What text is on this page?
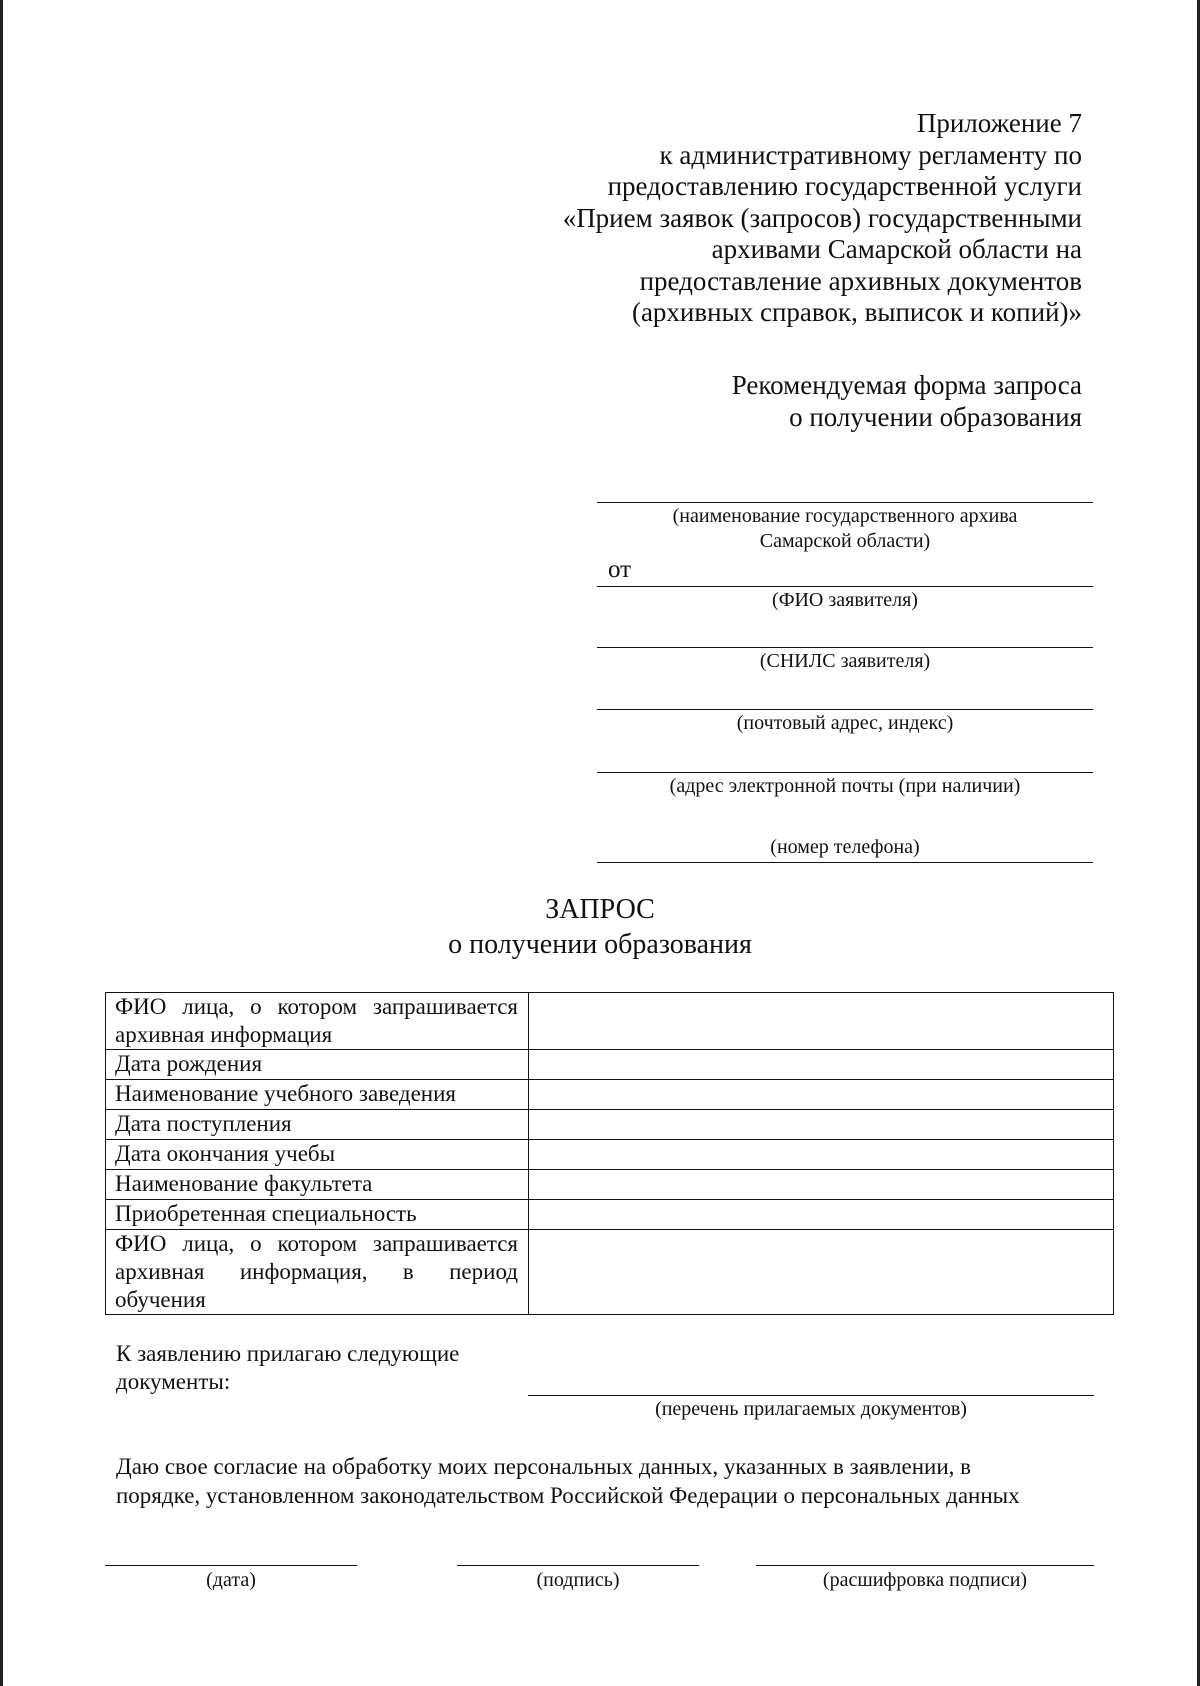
Приложение 7
к административному регламенту по
предоставлению государственной услуги
«Прием заявок (запросов) государственными
архивами Самарской области на
предоставление архивных документов
(архивных справок, выписок и копий)»
Рекомендуемая форма запроса
о получении образования
(наименование государственного архива
Самарской области)
от
(ФИО заявителя)
(СНИЛС заявителя)
(почтовый адрес, индекс)
(адрес электронной почты (при наличии)
(номер телефона)
ЗАПРОС
о получении образования
ФИО лица, о котором запрашивается архивная информация	
Дата рождения	
Наименование учебного заведения	
Дата поступления	
Дата окончания учебы	
Наименование факультета	
Приобретенная специальность	
ФИО лица, о котором запрашивается архивная информация, в период обучения	
К заявлению прилагаю следующие
документы:
(перечень прилагаемых документов)
Даю свое согласие на обработку моих персональных данных, указанных в заявлении, в
порядке, установленном законодательством Российской Федерации о персональных данных
(дата)	(подпись)	(расшифровка подписи)
